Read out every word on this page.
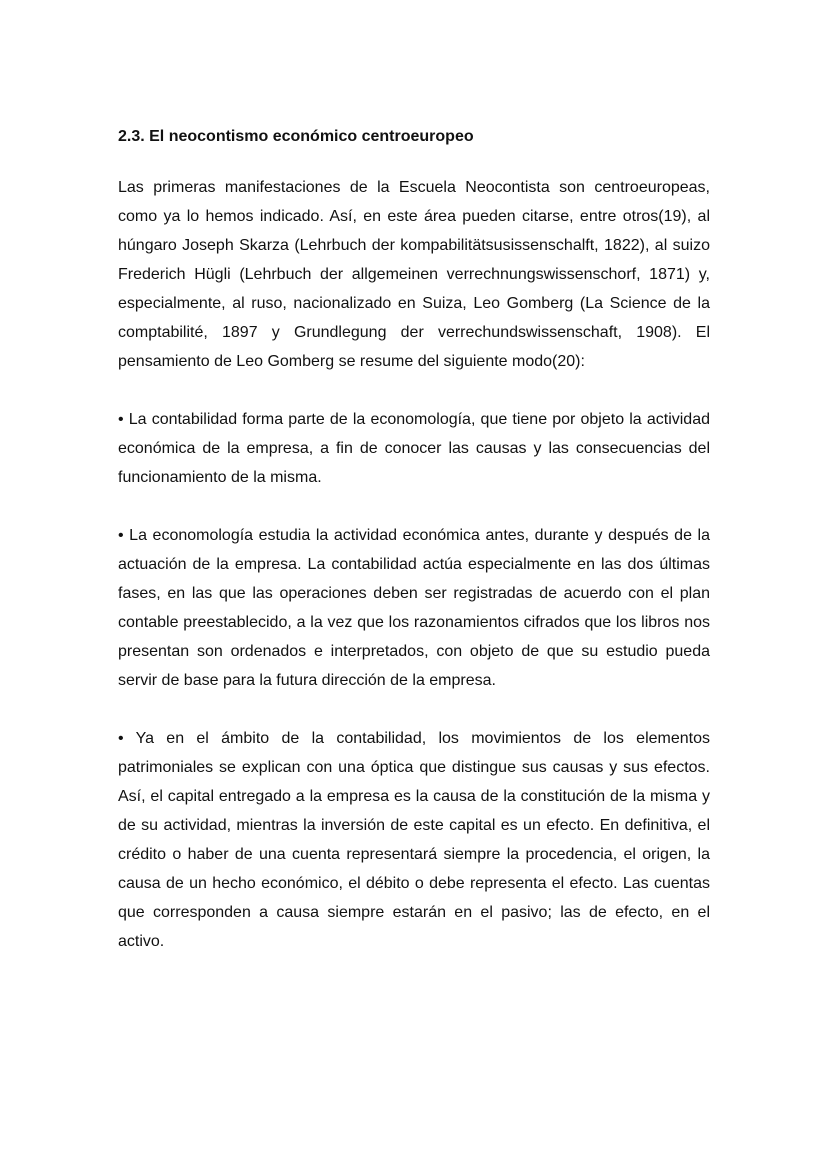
2.3. El neocontismo económico centroeuropeo

Las primeras manifestaciones de la Escuela Neocontista son centroeuropeas, como ya lo hemos indicado. Así, en este área pueden citarse, entre otros(19), al húngaro Joseph Skarza (Lehrbuch der kompabilitätsusissenschalft, 1822), al suizo Frederich Hügli (Lehrbuch der allgemeinen verrechnungswissenschorf, 1871) y, especialmente, al ruso, nacionalizado en Suiza, Leo Gomberg (La Science de la comptabilité, 1897 y Grundlegung der verrechundswissenschaft, 1908). El pensamiento de Leo Gomberg se resume del siguiente modo(20):

• La contabilidad forma parte de la economología, que tiene por objeto la actividad económica de la empresa, a fin de conocer las causas y las consecuencias del funcionamiento de la misma.

• La economología estudia la actividad económica antes, durante y después de la actuación de la empresa. La contabilidad actúa especialmente en las dos últimas fases, en las que las operaciones deben ser registradas de acuerdo con el plan contable preestablecido, a la vez que los razonamientos cifrados que los libros nos presentan son ordenados e interpretados, con objeto de que su estudio pueda servir de base para la futura dirección de la empresa.

• Ya en el ámbito de la contabilidad, los movimientos de los elementos patrimoniales se explican con una óptica que distingue sus causas y sus efectos. Así, el capital entregado a la empresa es la causa de la constitución de la misma y de su actividad, mientras la inversión de este capital es un efecto. En definitiva, el crédito o haber de una cuenta representará siempre la procedencia, el origen, la causa de un hecho económico, el débito o debe representa el efecto. Las cuentas que corresponden a causa siempre estarán en el pasivo; las de efecto, en el activo.
